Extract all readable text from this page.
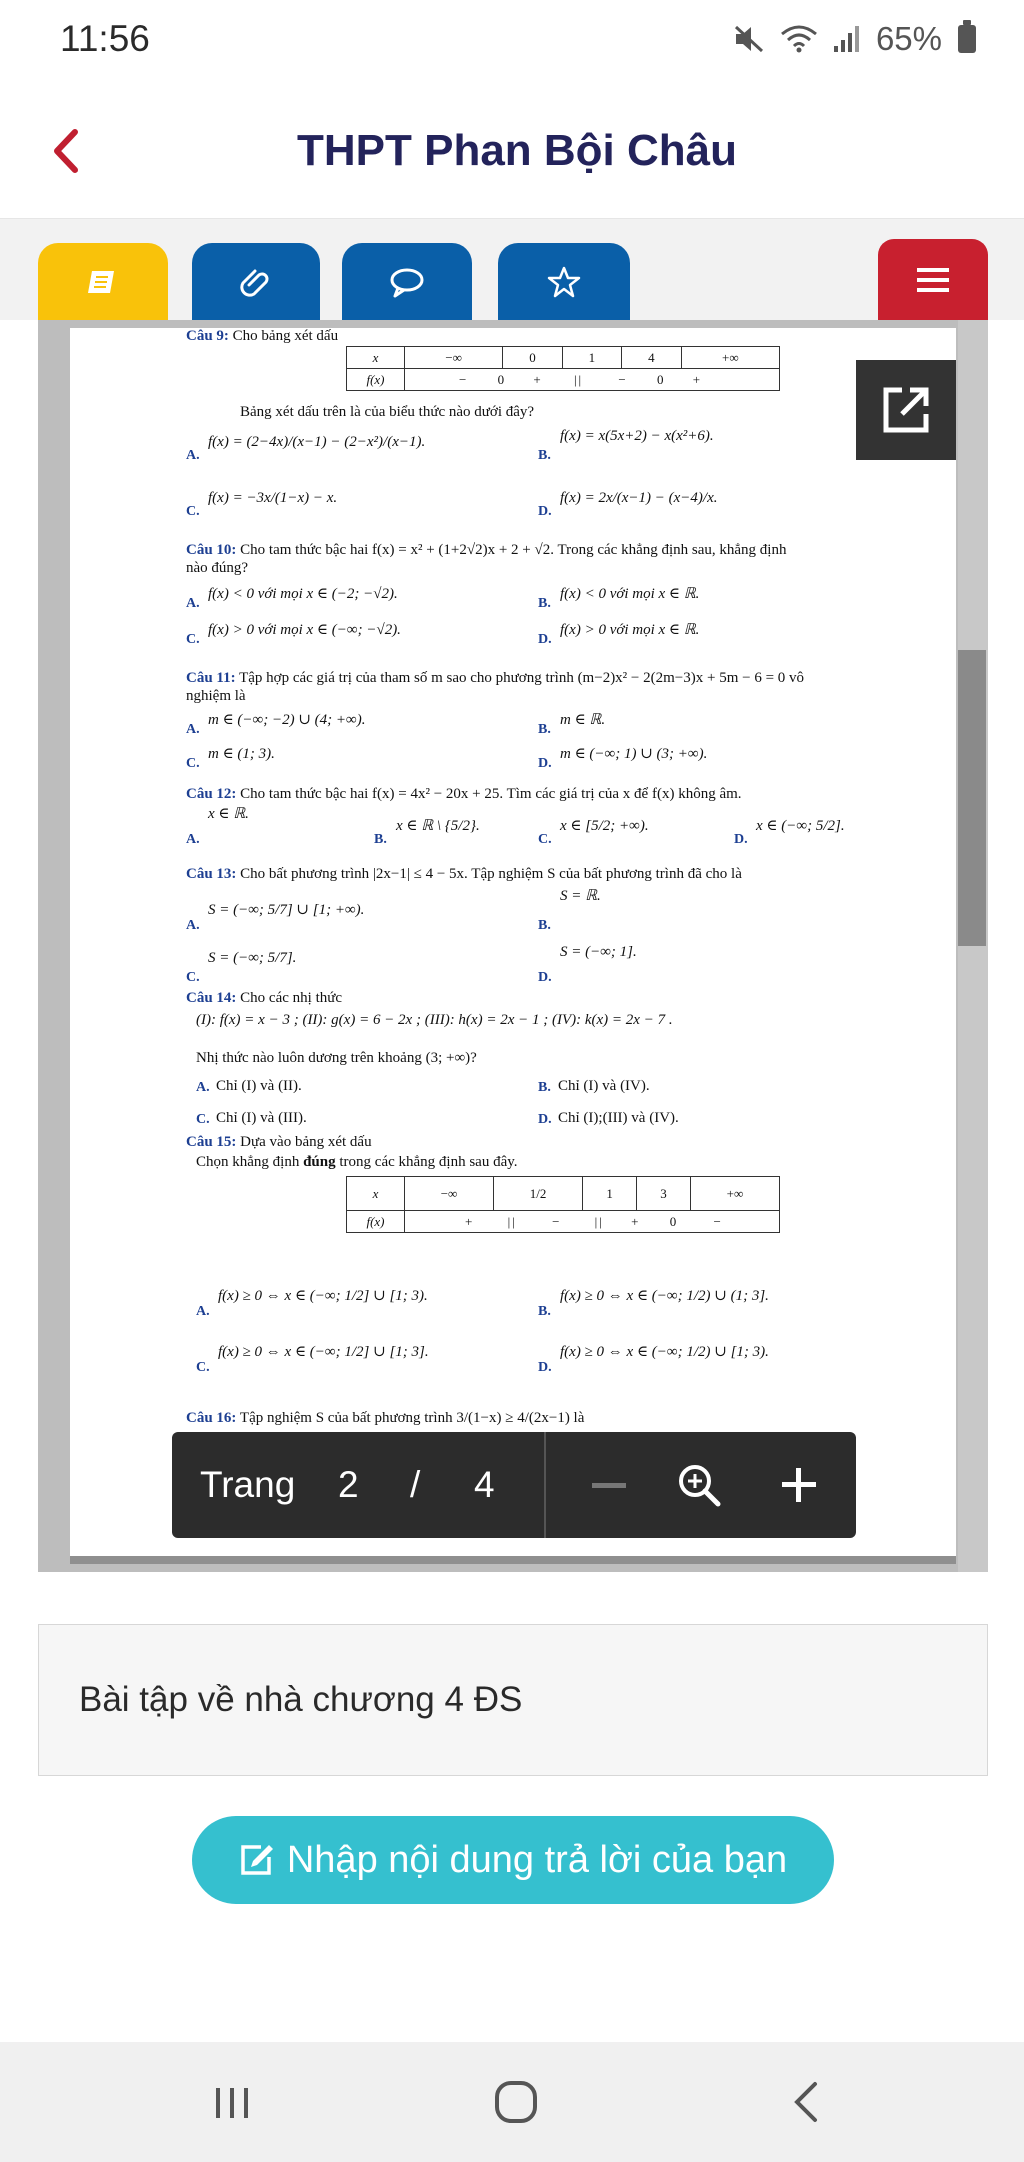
11:56	65%
THPT Phan Bội Châu
Câu 9: Cho bảng xét dấu
x	−∞	0	1	4	+∞
f(x)	− 0 + || − 0 +				
Bảng xét dấu trên là của biểu thức nào dưới đây?
A.
f(x) = (2−4x)/(x−1) − (2−x²)/(x−1).
B.
f(x) = x(5x+2) − x(x²+6).
C.
f(x) = −3x/(1−x) − x.
D.
f(x) = 2x/(x−1) − (x−4)/x.
Câu 10: Cho tam thức bậc hai f(x) = x² + (1+2√2)x + 2 + √2. Trong các khẳng định sau, khẳng định
nào đúng?
A.
f(x) < 0 với mọi x ∈ (−2; −√2).
B.
f(x) < 0 với mọi x ∈ ℝ.
C.
f(x) > 0 với mọi x ∈ (−∞; −√2).
D.
f(x) > 0 với mọi x ∈ ℝ.
Câu 11: Tập hợp các giá trị của tham số m sao cho phương trình (m−2)x² − 2(2m−3)x + 5m − 6 = 0 vô
nghiệm là
A.
m ∈ (−∞; −2) ∪ (4; +∞).
B.
m ∈ ℝ.
C.
m ∈ (1; 3).
D.
m ∈ (−∞; 1) ∪ (3; +∞).
Câu 12: Cho tam thức bậc hai f(x) = 4x² − 20x + 25. Tìm các giá trị của x để f(x) không âm.
A.
x ∈ ℝ.
B.
x ∈ ℝ \ {5/2}.
C.
x ∈ [5/2; +∞).
D.
x ∈ (−∞; 5/2].
Câu 13: Cho bất phương trình |2x−1| ≤ 4 − 5x. Tập nghiệm S của bất phương trình đã cho là
A.
S = (−∞; 5/7] ∪ [1; +∞).
S = ℝ.
B.
C.
S = (−∞; 5/7].
D.
S = (−∞; 1].
Câu 14: Cho các nhị thức
(I): f(x) = x − 3 ; (II): g(x) = 6 − 2x ; (III): h(x) = 2x − 1 ; (IV): k(x) = 2x − 7 .
Nhị thức nào luôn dương trên khoảng (3; +∞)?
A. Chỉ (I) và (II).	B. Chỉ (I) và (IV).
C. Chỉ (I) và (III).	D. Chỉ (I);(III) và (IV).
Câu 15: Dựa vào bảng xét dấu
Chọn khẳng định đúng trong các khẳng định sau đây.
x	−∞	1/2	1	3	+∞
f(x)	+ || − || + 0 −				
A.
f(x) ≥ 0 ⇔ x ∈ (−∞; 1/2] ∪ [1; 3).
B.
f(x) ≥ 0 ⇔ x ∈ (−∞; 1/2) ∪ (1; 3].
C.
f(x) ≥ 0 ⇔ x ∈ (−∞; 1/2] ∪ [1; 3].
D.
f(x) ≥ 0 ⇔ x ∈ (−∞; 1/2) ∪ [1; 3).
Câu 16: Tập nghiệm S của bất phương trình 3/(1−x) ≥ 4/(2x−1) là
Trang 2 / 4
Bài tập về nhà chương 4 ĐS
Nhập nội dung trả lời của bạn
